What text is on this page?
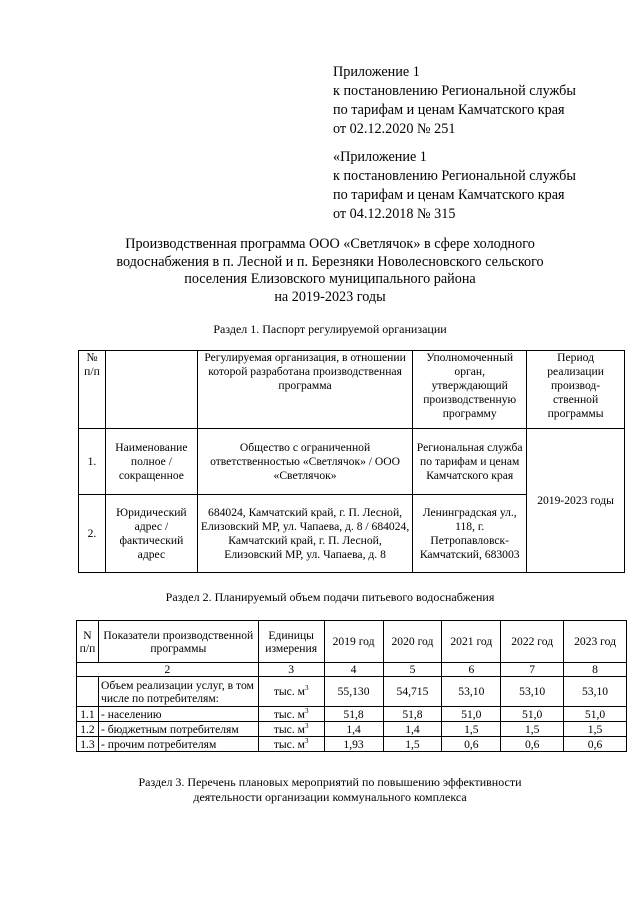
Приложение 1
к постановлению Региональной службы
по тарифам и ценам Камчатского края
от 02.12.2020 № 251
«Приложение 1
к постановлению Региональной службы
по тарифам и ценам Камчатского края
от 04.12.2018 № 315
Производственная программа ООО «Светлячок» в сфере холодного
водоснабжения в п. Лесной и п. Березняки Новолесновского сельского
поселения Елизовского муниципального района
на 2019-2023 годы
Раздел 1. Паспорт регулируемой организации
№ п/п		Регулируемая организация, в отношении которой разработана производственная программа	Уполномоченный орган, утверждающий производственную программу	Период реализации производ-ственной программы
1.	Наименование полное / сокращенное	Общество с ограниченной ответственностью «Светлячок» / ООО «Светлячок»	Региональная служба по тарифам и ценам Камчатского края	2019-2023 годы
2.	Юридический адрес / фактический адрес	684024, Камчатский край, г. П. Лесной, Елизовский МР, ул. Чапаева, д. 8 / 684024, Камчатский край, г. П. Лесной, Елизовский МР, ул. Чапаева, д. 8	Ленинградская ул., 118, г. Петропавловск-Камчатский, 683003	
Раздел 2. Планируемый объем подачи питьевого водоснабжения
N п/п	Показатели производственной программы	Единицы измерения	2019 год	2020 год	2021 год	2022 год	2023 год
2		3	4	5	6	7	8
	Объем реализации услуг, в том числе по потребителям:	тыс. $м^3$	55,130	54,715	53,10	53,10	53,10
1.1	- населению	тыс. $м^3$	51,8	51,8	51,0	51,0	51,0
1.2	- бюджетным потребителям	тыс. $м^3$	1,4	1,4	1,5	1,5	1,5
1.3	- прочим потребителям	тыс. $м^3$	1,93	1,5	0,6	0,6	0,6
Раздел 3. Перечень плановых мероприятий по повышению эффективности
деятельности организации коммунального комплекса
